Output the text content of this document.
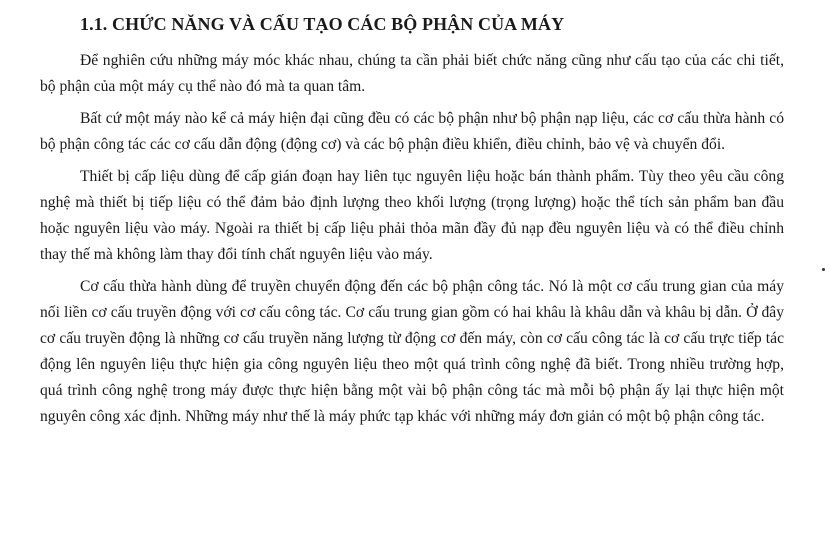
1.1. CHỨC NĂNG VÀ CẤU TẠO CÁC BỘ PHẬN CỦA MÁY

Để nghiên cứu những máy móc khác nhau, chúng ta cần phải biết chức năng cũng như cấu tạo của các chi tiết, bộ phận của một máy cụ thể nào đó mà ta quan tâm.

Bất cứ một máy nào kể cả máy hiện đại cũng đều có các bộ phận như bộ phận nạp liệu, các cơ cấu thừa hành có bộ phận công tác các cơ cấu dẫn động (động cơ) và các bộ phận điều khiển, điều chỉnh, bảo vệ và chuyển đổi.

Thiết bị cấp liệu dùng để cấp gián đoạn hay liên tục nguyên liệu hoặc bán thành phẩm. Tùy theo yêu cầu công nghệ mà thiết bị tiếp liệu có thể đảm bảo định lượng theo khối lượng (trọng lượng) hoặc thể tích sản phẩm ban đầu hoặc nguyên liệu vào máy. Ngoài ra thiết bị cấp liệu phải thỏa mãn đầy đủ nạp đều nguyên liệu và có thể điều chỉnh thay thế mà không làm thay đổi tính chất nguyên liệu vào máy.

Cơ cấu thừa hành dùng để truyền chuyển động đến các bộ phận công tác. Nó là một cơ cấu trung gian của máy nối liền cơ cấu truyền động với cơ cấu công tác. Cơ cấu trung gian gồm có hai khâu là khâu dẫn và khâu bị dẫn. Ở đây cơ cấu truyền động là những cơ cấu truyền năng lượng từ động cơ đến máy, còn cơ cấu công tác là cơ cấu trực tiếp tác động lên nguyên liệu thực hiện gia công nguyên liệu theo một quá trình công nghệ đã biết. Trong nhiều trường hợp, quá trình công nghệ trong máy được thực hiện bằng một vài bộ phận công tác mà mỗi bộ phận ấy lại thực hiện một nguyên công xác định. Những máy như thế là máy phức tạp khác với những máy đơn giản có một bộ phận công tác.
